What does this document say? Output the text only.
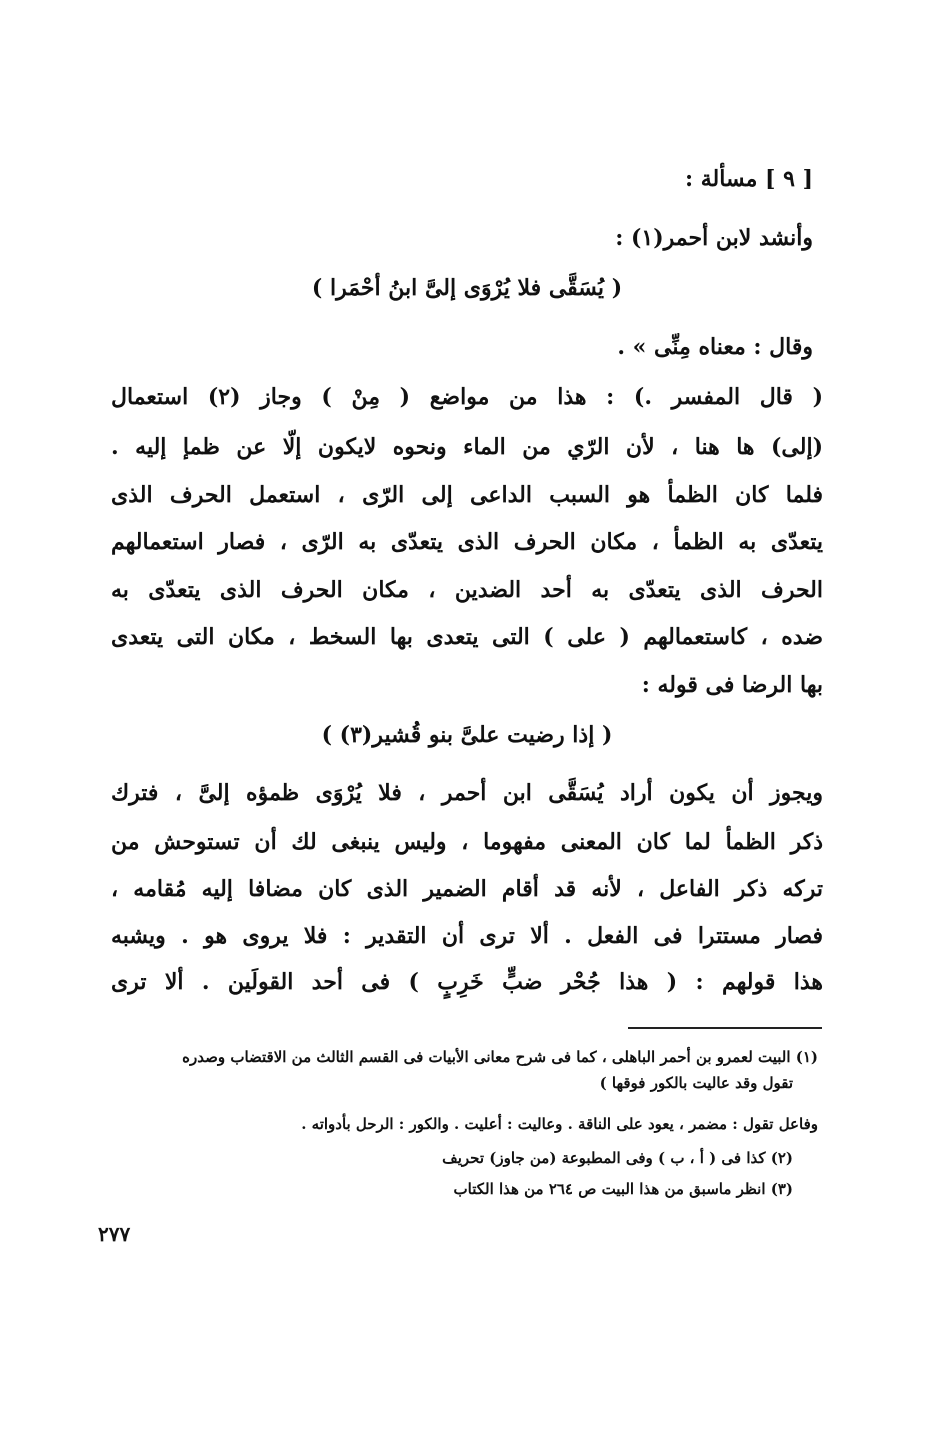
[ ٩ ] مسألة :
وأنشد لابن أحمر(١) :
( يُسَقَّى فلا يُرْوَى إلىَّ ابنُ أحْمَرا )
وقال : معناه مِنِّى » .
( قال المفسر .) : هذا من مواضع ( مِنْ ) وجاز (٢) استعمال
(إلى) ها هنا ، لأن الرّي من الماء ونحوه لايكون إلّا عن ظمإ إليه .
فلما كان الظمأ هو السبب الداعى إلى الرّى ، استعمل الحرف الذى
يتعدّى به الظمأ ، مكان الحرف الذى يتعدّى به الرّى ، فصار استعمالهم
الحرف الذى يتعدّى به أحد الضدين ، مكان الحرف الذى يتعدّى به
ضده ، كاستعمالهم ( على ) التى يتعدى بها السخط ، مكان التى يتعدى
بها الرضا فى قوله :
( إذا رضيت علىَّ بنو قُشير(٣) )
ويجوز أن يكون أراد يُسَقَّى ابن أحمر ، فلا يُرْوَى ظمؤه إلىَّ ، فترك
ذكر الظمأ لما كان المعنى مفهوما ، وليس ينبغى لك أن تستوحش من
تركه ذكر الفاعل ، لأنه قد أقام الضمير الذى كان مضافا إليه مُقامه ،
فصار مستترا فى الفعل . ألا ترى أن التقدير : فلا يروى هو . ويشبه
هذا قولهم : ( هذا جُحْر ضبٍّ خَرِبٍ ) فى أحد القولَين . ألا ترى
(١) البيت لعمرو بن أحمر الباهلى ، كما فى شرح معانى الأبيات فى القسم الثالث من الاقتضاب وصدره
تقول وقد عاليت بالكور فوقها )
وفاعل تقول : مضمر ، يعود على الناقة . وعاليت : أعليت . والكور : الرحل بأدواته .
(٢) كذا فى ( أ ، ب ) وفى المطبوعة (من جاوز) تحريف
(٣) انظر ماسبق من هذا البيت ص ٢٦٤ من هذا الكتاب
٢٧٧
